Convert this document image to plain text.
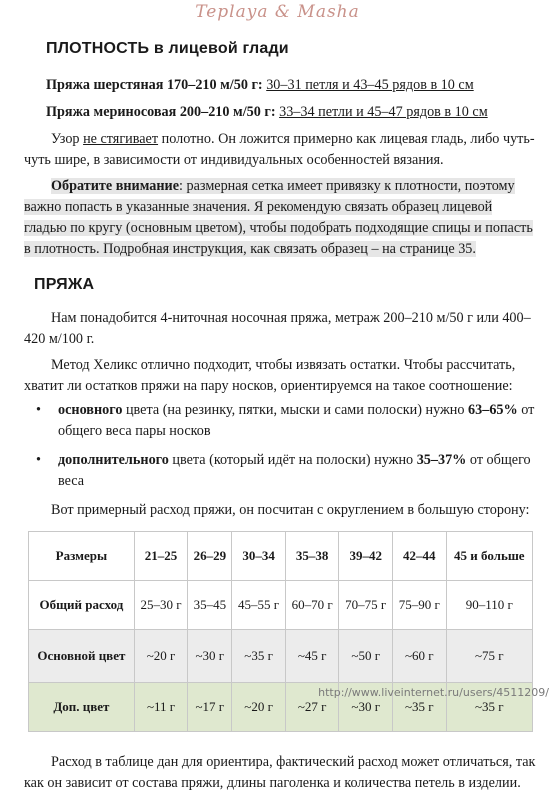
Teplaya & Masha
ПЛОТНОСТЬ в лицевой глади

Пряжа шерстяная 170–210 м/50 г: 30–31 петля и 43–45 рядов в 10 см

Пряжа мериносовая 200–210 м/50 г: 33–34 петли и 45–47 рядов в 10 см

Узор не стягивает полотно. Он ложится примерно как лицевая гладь, либо чуть-чуть шире, в зависимости от индивидуальных особенностей вязания.

Обратите внимание: размерная сетка имеет привязку к плотности, поэтому важно попасть в указанные значения. Я рекомендую связать образец лицевой гладью по кругу (основным цветом), чтобы подобрать подходящие спицы и попасть в плотность. Подробная инструкция, как связать образец – на странице 35.

ПРЯЖА

Нам понадобится 4-ниточная носочная пряжа, метраж 200–210 м/50 г или 400–420 м/100 г.

Метод Хеликс отлично подходит, чтобы извязать остатки. Чтобы рассчитать, хватит ли остатков пряжи на пару носков, ориентируемся на такое соотношение:

• основного цвета (на резинку, пятки, мыски и сами полоски) нужно 63–65% от общего веса пары носков
• дополнительного цвета (который идёт на полоски) нужно 35–37% от общего веса

Вот примерный расход пряжи, он посчитан с округлением в большую сторону:

Размеры	21–25	26–29	30–34	35–38	39–42	42–44	45 и больше
Общий расход	25–30 г	35–45	45–55 г	60–70 г	70–75 г	75–90 г	90–110 г
Основной цвет	~20 г	~30 г	~35 г	~45 г	~50 г	~60 г	~75 г
Доп. цвет	~11 г	~17 г	~20 г	~27 г	~30 г	~35 г	~35 г

Расход в таблице дан для ориентира, фактический расход может отличаться, так как он зависит от состава пряжи, длины паголенка и количества петель в изделии.

http://www.liveinternet.ru/users/4511209/
